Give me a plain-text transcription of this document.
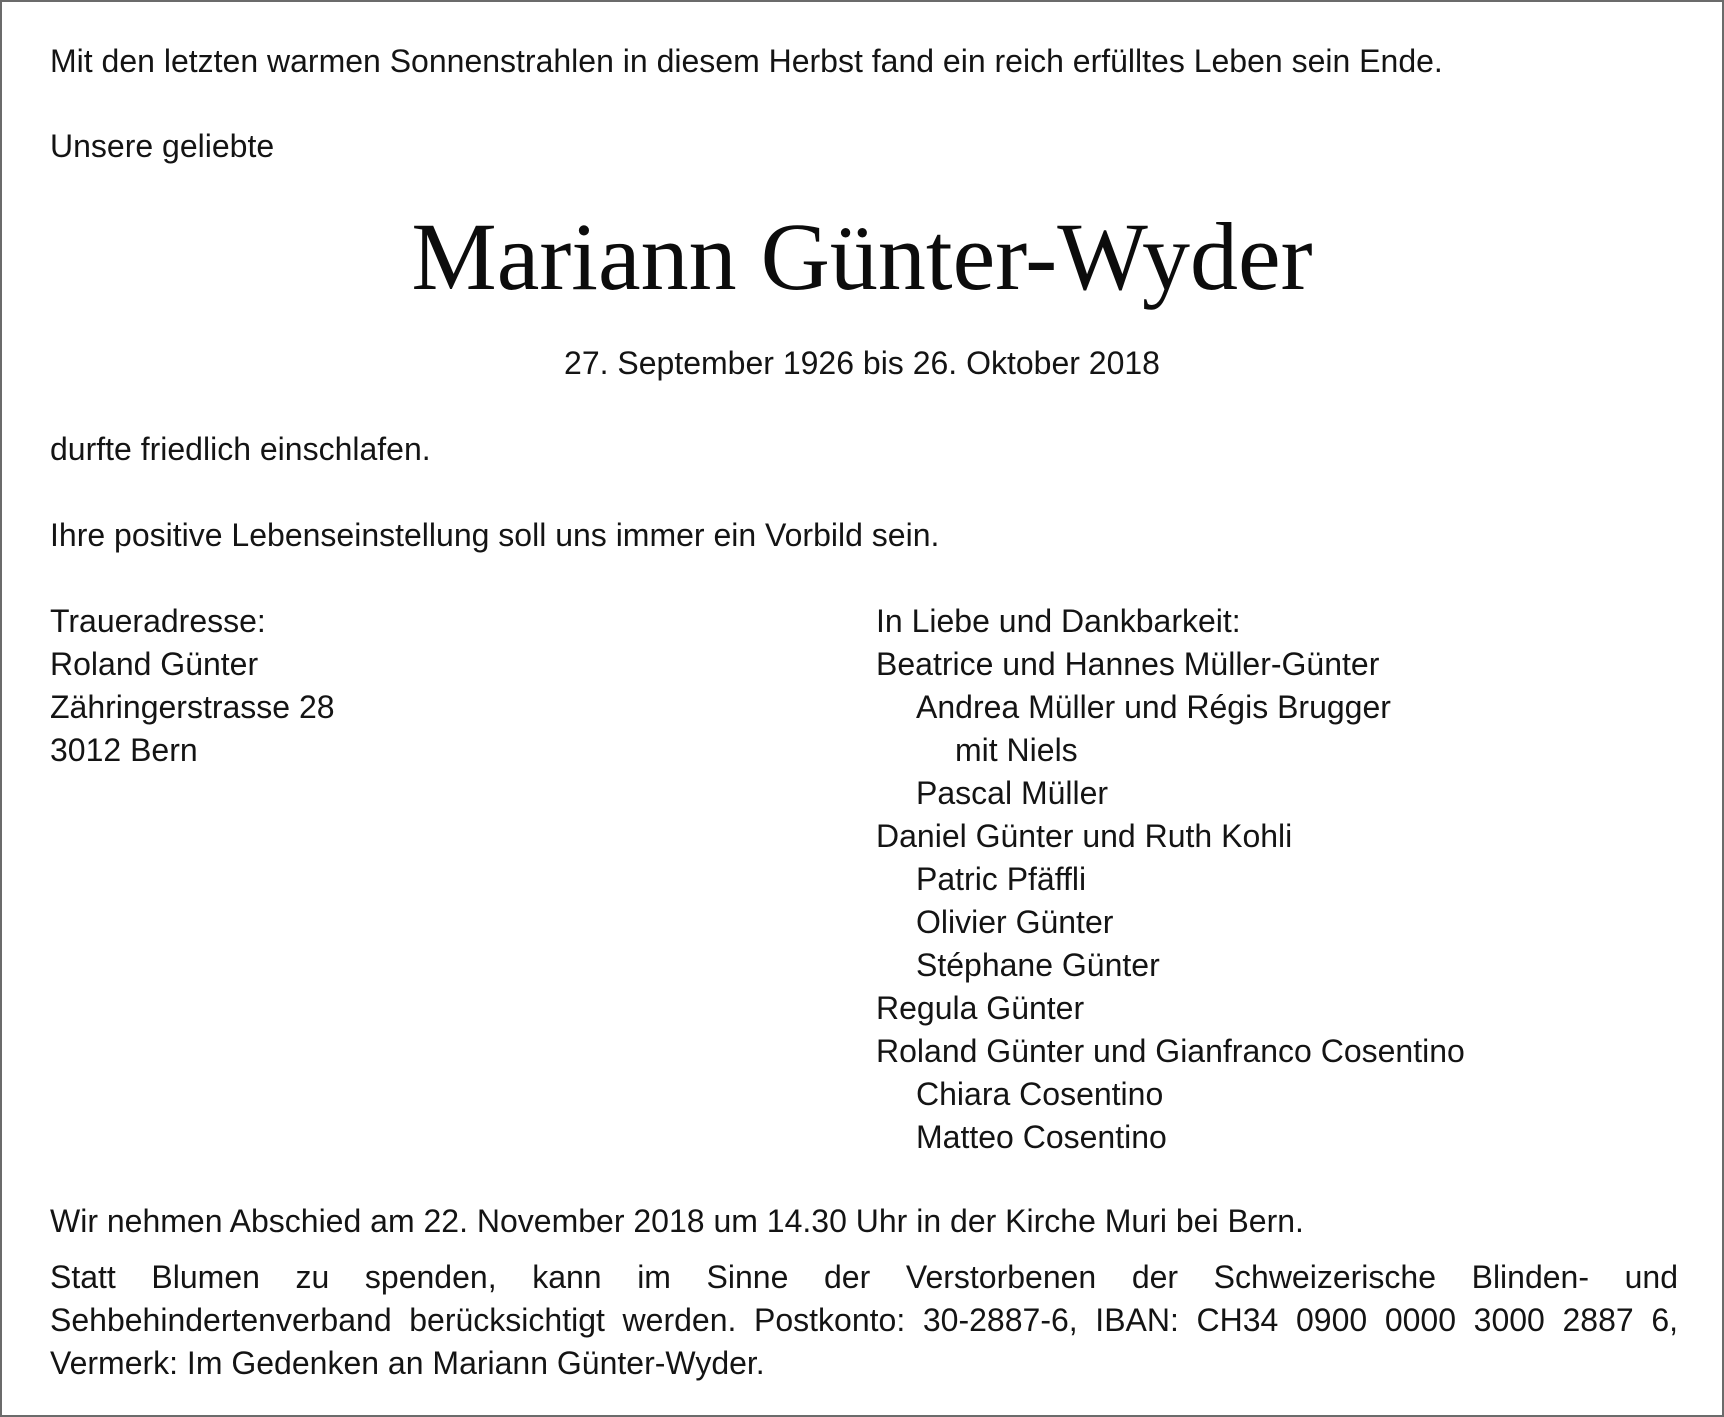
Mit den letzten warmen Sonnenstrahlen in diesem Herbst fand ein reich erfülltes Leben sein Ende.
Unsere geliebte
Mariann Günter-Wyder
27. September 1926 bis 26. Oktober 2018
durfte friedlich einschlafen.
Ihre positive Lebenseinstellung soll uns immer ein Vorbild sein.
Traueradresse:
Roland Günter
Zähringerstrasse 28
3012 Bern
In Liebe und Dankbarkeit:
Beatrice und Hannes Müller-Günter
Andrea Müller und Régis Brugger
mit Niels
Pascal Müller
Daniel Günter und Ruth Kohli
Patric Pfäffli
Olivier Günter
Stéphane Günter
Regula Günter
Roland Günter und Gianfranco Cosentino
Chiara Cosentino
Matteo Cosentino
Wir nehmen Abschied am 22. November 2018 um 14.30 Uhr in der Kirche Muri bei Bern.
Statt Blumen zu spenden, kann im Sinne der Verstorbenen der Schweizerische Blinden- und Sehbehindertenverband berücksichtigt werden. Postkonto: 30-2887-6, IBAN: CH34 0900 0000 3000 2887 6, Vermerk: Im Gedenken an Mariann Günter-Wyder.
